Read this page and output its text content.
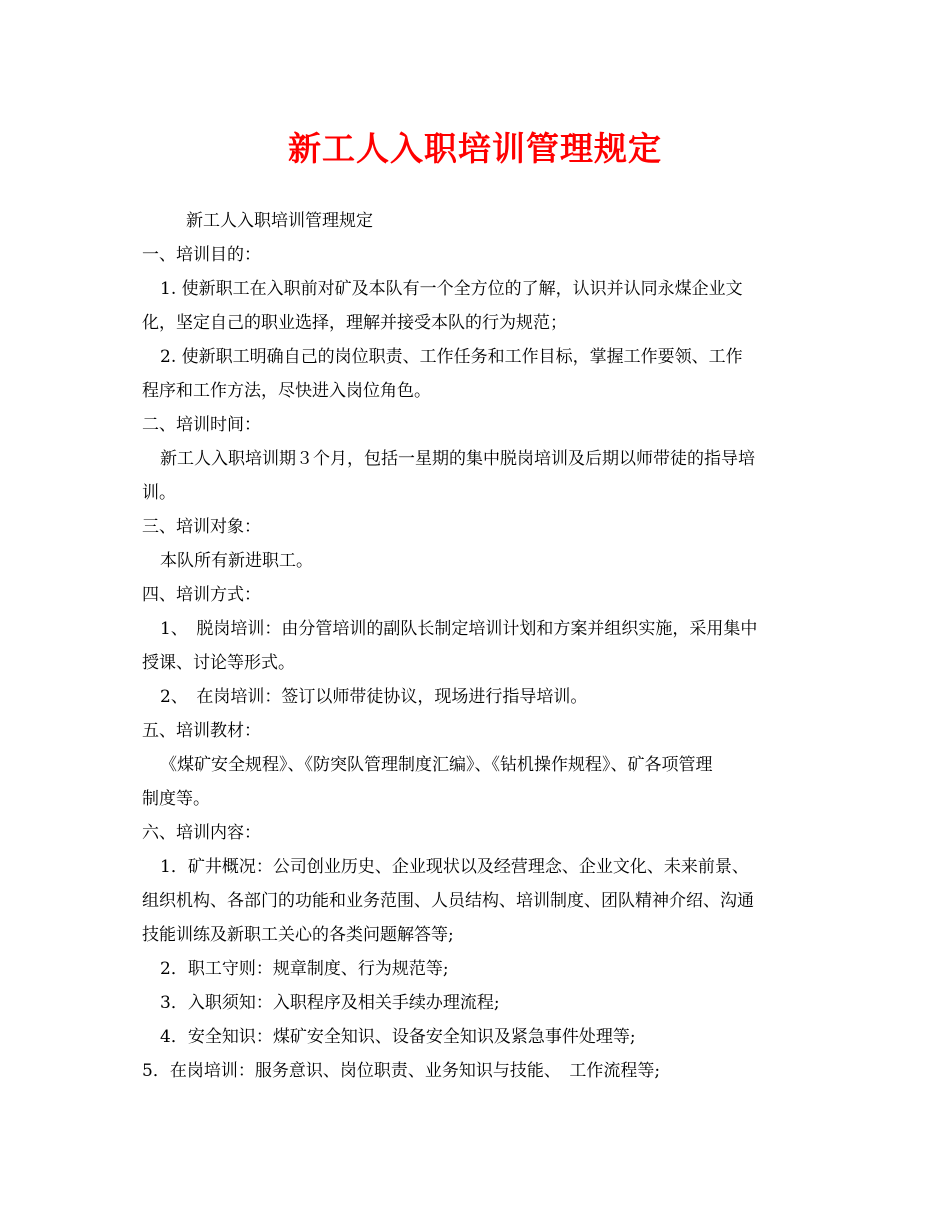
新工人入职培训管理规定
新工人入职培训管理规定
一、培训目的：
1. 使新职工在入职前对矿及本队有一个全方位的了解，认识并认同永煤企业文
化，坚定自己的职业选择，理解并接受本队的行为规范；
2. 使新职工明确自己的岗位职责、工作任务和工作目标，掌握工作要领、工作
程序和工作方法，尽快进入岗位角色。
二、培训时间：
新工人入职培训期３个月，包括一星期的集中脱岗培训及后期以师带徒的指导培
训。
三、培训对象：
本队所有新进职工。
四、培训方式：
1、　脱岗培训：由分管培训的副队长制定培训计划和方案并组织实施，采用集中
授课、讨论等形式。
2、　在岗培训：签订以师带徒协议，现场进行指导培训。
五、培训教材：
《煤矿安全规程》、《防突队管理制度汇编》、《钻机操作规程》、矿各项管理
制度等。
六、培训内容：
1．矿井概况：公司创业历史、企业现状以及经营理念、企业文化、未来前景、
组织机构、各部门的功能和业务范围、人员结构、培训制度、团队精神介绍、沟通
技能训练及新职工关心的各类问题解答等;
2．职工守则：规章制度、行为规范等;
3．入职须知：入职程序及相关手续办理流程;
4．安全知识：煤矿安全知识、设备安全知识及紧急事件处理等;
5．在岗培训：服务意识、岗位职责、业务知识与技能、　工作流程等;
